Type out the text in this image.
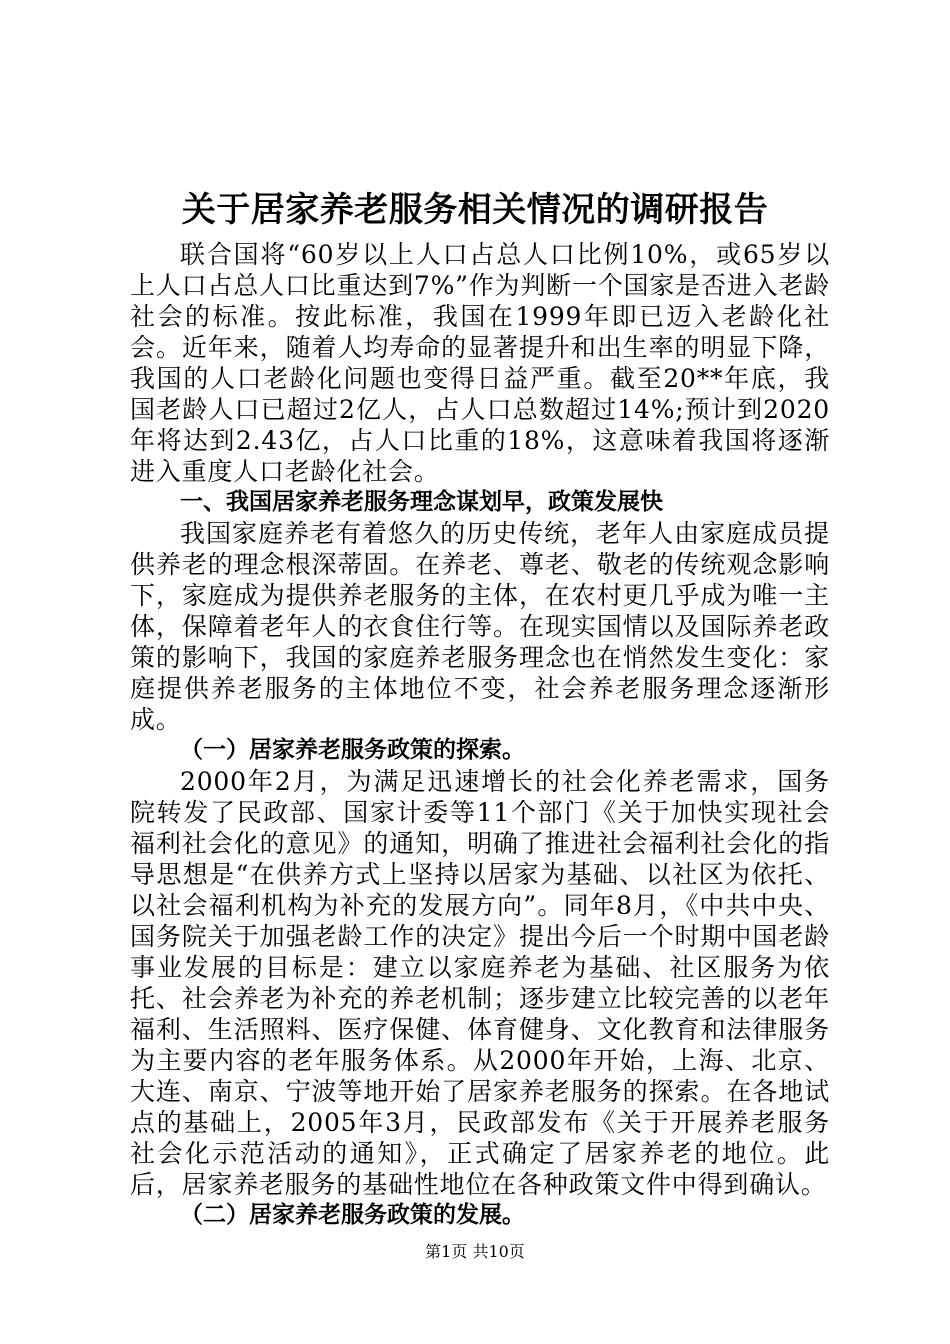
关于居家养老服务相关情况的调研报告

联合国将“60岁以上人口占总人口比例10%，或65岁以上人口占总人口比重达到7%”作为判断一个国家是否进入老龄社会的标准。按此标准，我国在1999年即已迈入老龄化社会。近年来，随着人均寿命的显著提升和出生率的明显下降，我国的人口老龄化问题也变得日益严重。截至20**年底，我国老龄人口已超过2亿人，占人口总数超过14%;预计到2020年将达到2.43亿，占人口比重的18%，这意味着我国将逐渐进入重度人口老龄化社会。

一、我国居家养老服务理念谋划早，政策发展快

我国家庭养老有着悠久的历史传统，老年人由家庭成员提供养老的理念根深蒂固。在养老、尊老、敬老的传统观念影响下，家庭成为提供养老服务的主体，在农村更几乎成为唯一主体，保障着老年人的衣食住行等。在现实国情以及国际养老政策的影响下，我国的家庭养老服务理念也在悄然发生变化：家庭提供养老服务的主体地位不变，社会养老服务理念逐渐形成。

（一）居家养老服务政策的探索。

2000年2月，为满足迅速增长的社会化养老需求，国务院转发了民政部、国家计委等11个部门《关于加快实现社会福利社会化的意见》的通知，明确了推进社会福利社会化的指导思想是“在供养方式上坚持以居家为基础、以社区为依托、以社会福利机构为补充的发展方向”。同年8月，《中共中央、国务院关于加强老龄工作的决定》提出今后一个时期中国老龄事业发展的目标是：建立以家庭养老为基础、社区服务为依托、社会养老为补充的养老机制；逐步建立比较完善的以老年福利、生活照料、医疗保健、体育健身、文化教育和法律服务为主要内容的老年服务体系。从2000年开始，上海、北京、大连、南京、宁波等地开始了居家养老服务的探索。在各地试点的基础上，2005年3月，民政部发布《关于开展养老服务社会化示范活动的通知》，正式确定了居家养老的地位。此后，居家养老服务的基础性地位在各种政策文件中得到确认。

（二）居家养老服务政策的发展。

第1页 共10页
